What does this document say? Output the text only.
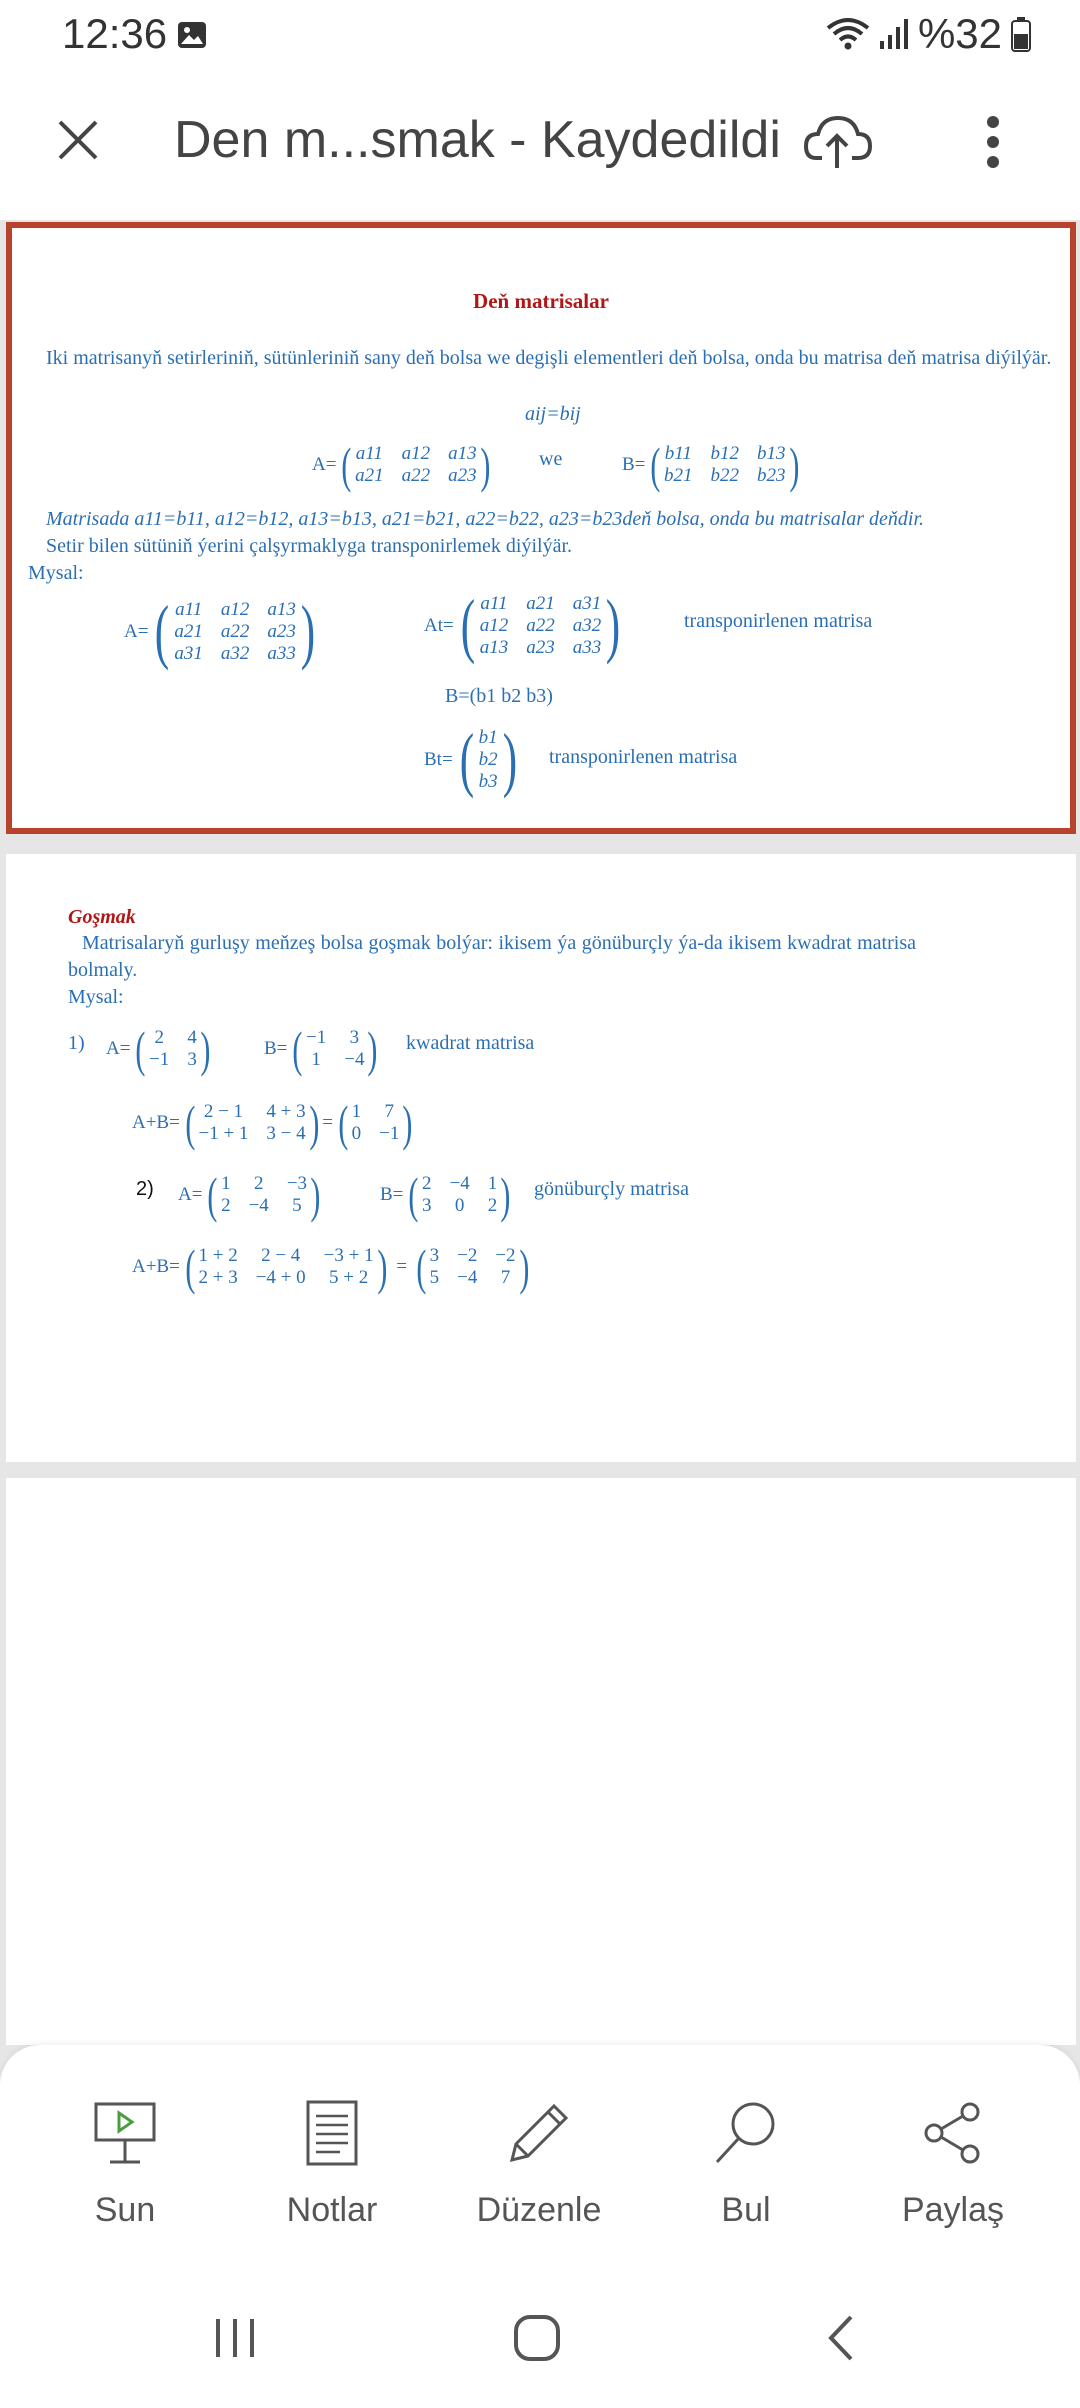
12:36	%32
Den m...smak - Kaydedildi
Deň matrisalar
Iki matrisanyň setirleriniň, sütünleriniň sany deň bolsa we degişli elementleri deň bolsa, onda bu matrisa deň matrisa diýilýär.
aij=bij
A= ( a11 a12 a13
a21 a22 a23 ) we	B= ( b11 b12 b13
b21 b22 b23 )
Matrisada a11=b11, a12=b12, a13=b13, a21=b21, a22=b22, a23=b23deň bolsa, onda bu matrisalar deňdir.
Setir bilen sütüniň ýerini çalşyrmaklyga transponirlemek diýilýär.
Mysal:
A= ( a11 a12 a13
a21 a22 a23
a31 a32 a33 )	At= ( a11 a21 a31
a12 a22 a32
a13 a23 a33 )	transponirlenen matrisa
B=(b1 b2 b3)
Bt= ( b1
b2
b3 ) transponirlenen matrisa
Goşmak
Matrisalaryň gurluşy meňzeş bolsa goşmak bolýar: ikisem ýa gönüburçly ýa-da ikisem kwadrat matrisa bolmaly.
Mysal:
1) A= ( 2 4
−1 3 )	B= ( −1 3
1 −4 ) kwadrat matrisa
A+B= ( 2 − 1 4 + 3
−1 + 1 3 − 4 ) = ( 1 7
0 −1 )
2) A= ( 1 2 −3
2 −4 5 )	B= ( 2 −4 1
3 0 2 ) gönüburçly matrisa
A+B= ( 1 + 2 2 − 4 −3 + 1
2 + 3 −4 + 0 5 + 2 ) = ( 3 −2 −2
5 −4 7 )
Sun	Notlar	Düzenle	Bul	Paylaş
